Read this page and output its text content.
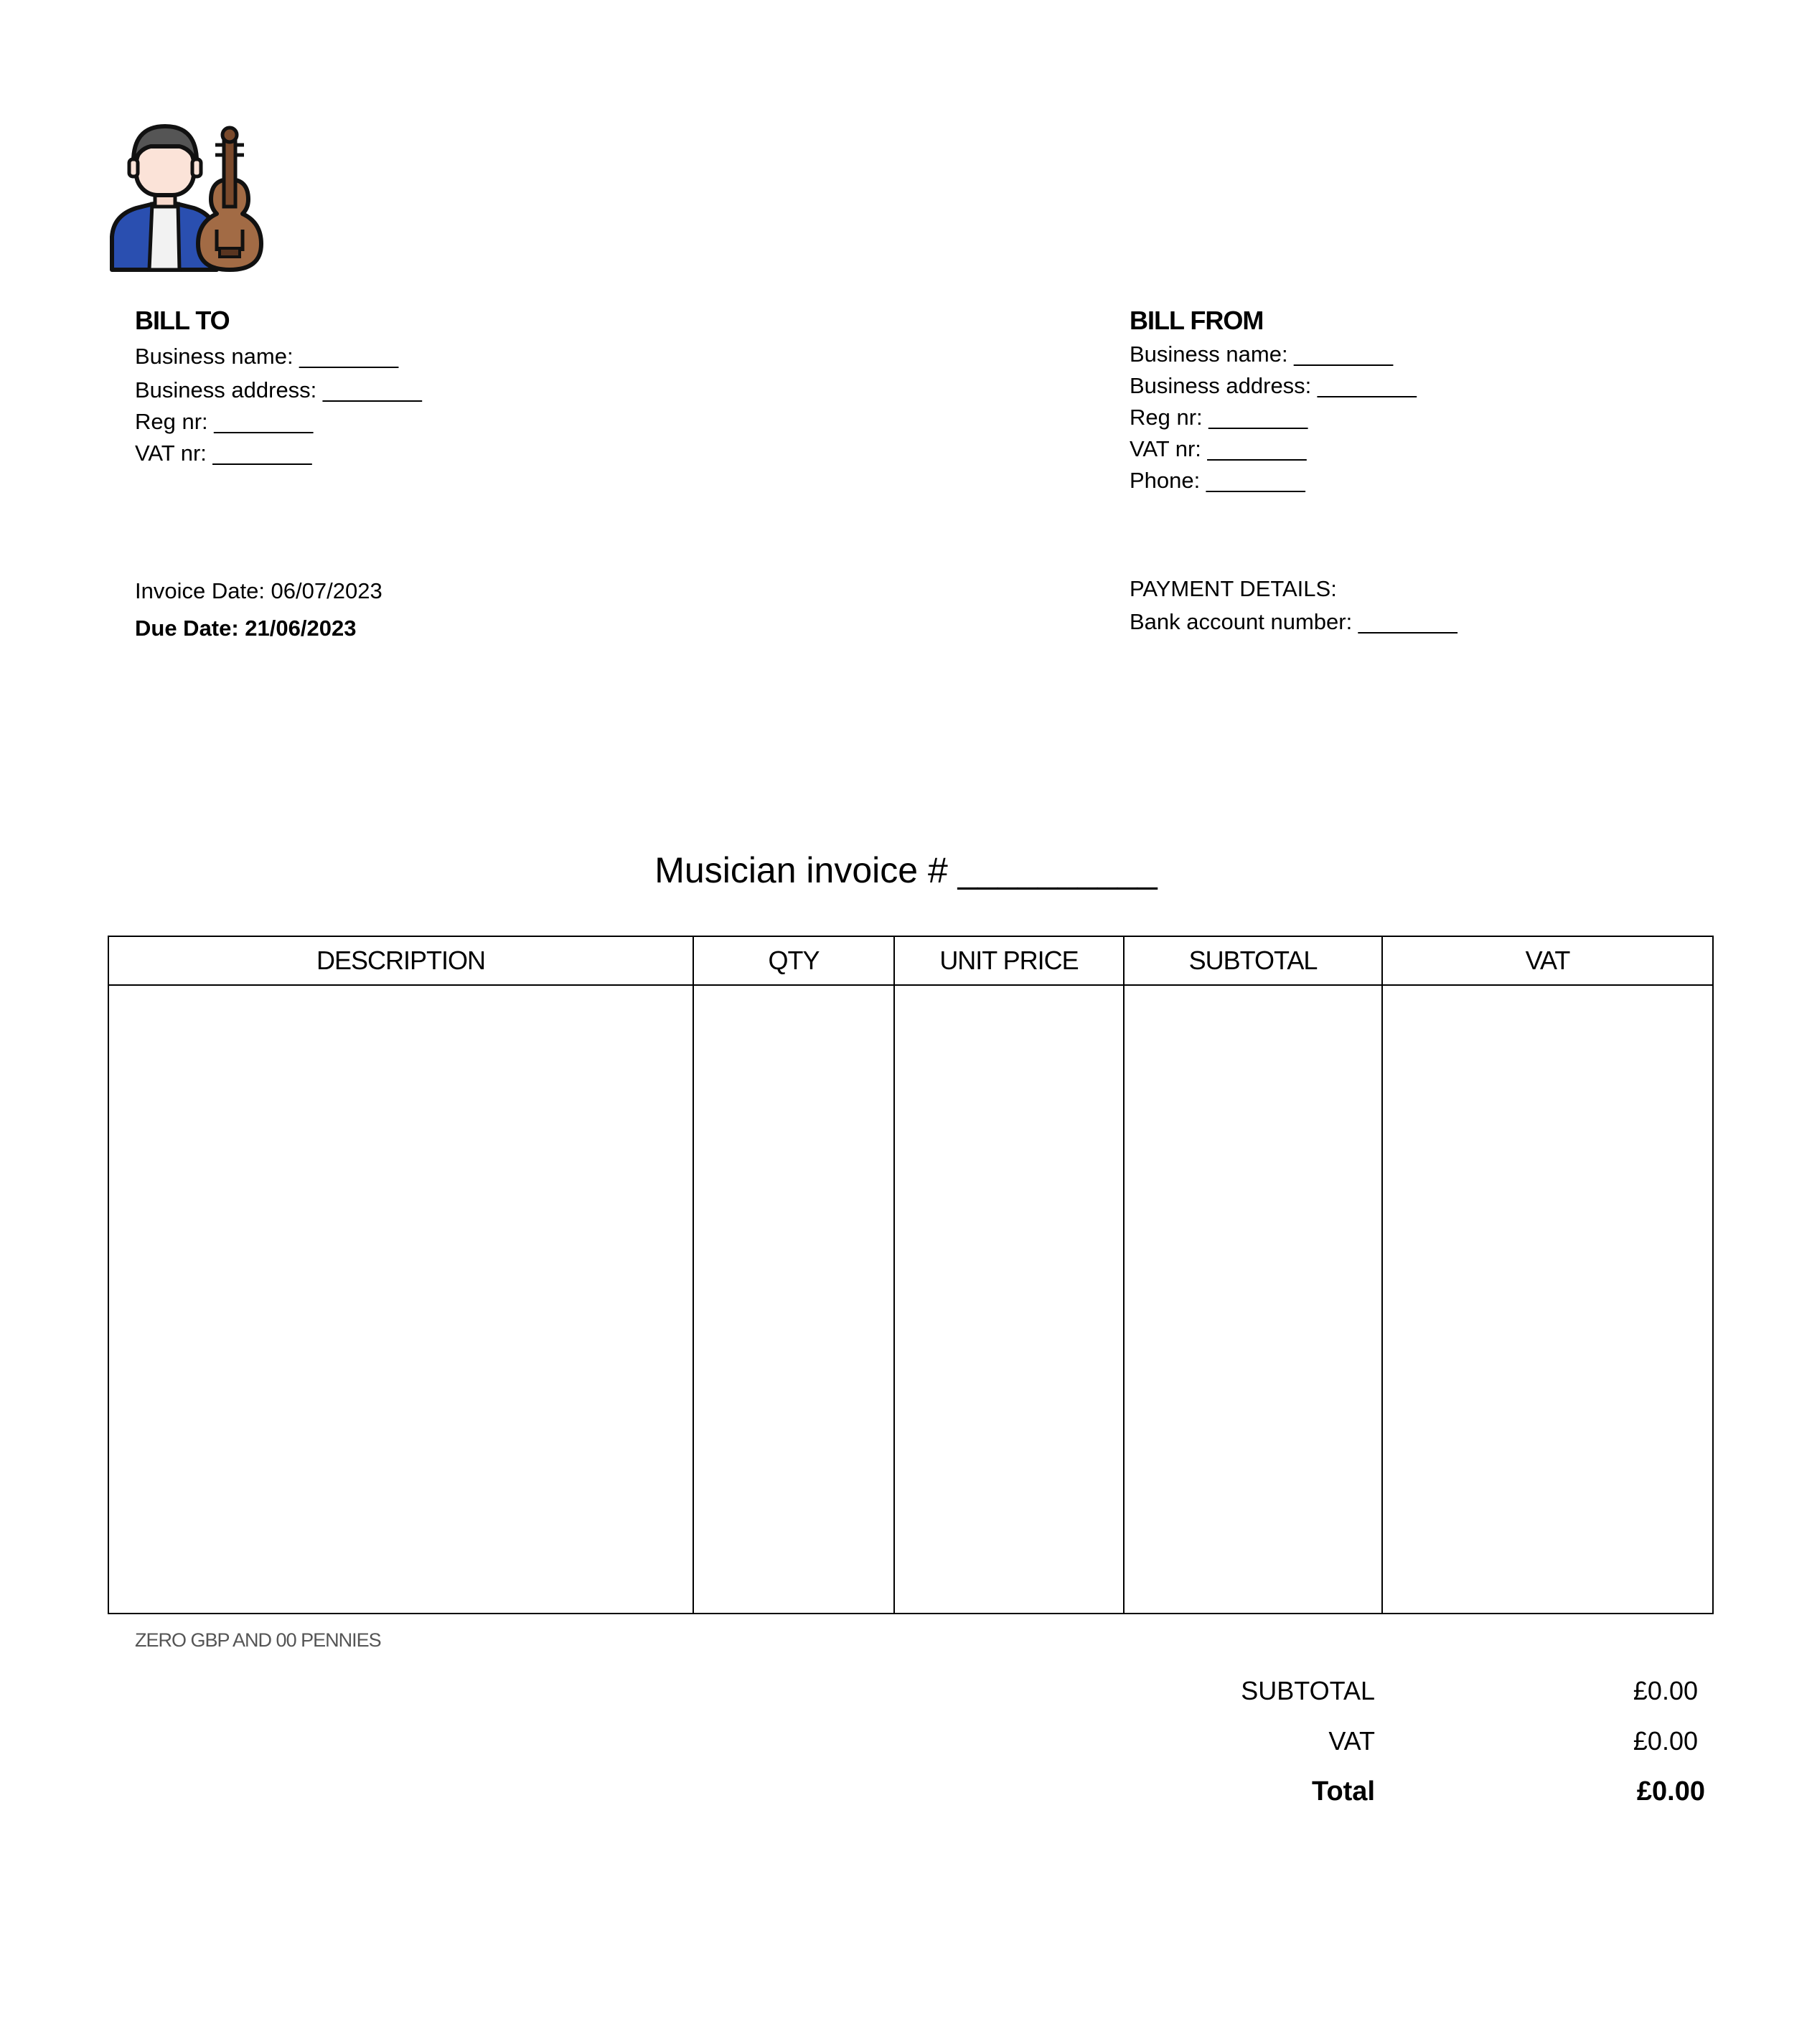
BILL TO
Business name: ________
Business address: ________
Reg nr: ________
VAT nr: ________
BILL FROM
Business name: ________
Business address: ________
Reg nr: ________
VAT nr: ________
Phone: ________
Invoice Date: 06/07/2023
Due Date: 21/06/2023
PAYMENT DETAILS:
Bank account number: ________
Musician invoice # __________
DESCRIPTION	QTY	UNIT PRICE	SUBTOTAL	VAT

ZERO GBP AND 00 PENNIES
SUBTOTAL	£0.00
VAT	£0.00
Total	£0.00
